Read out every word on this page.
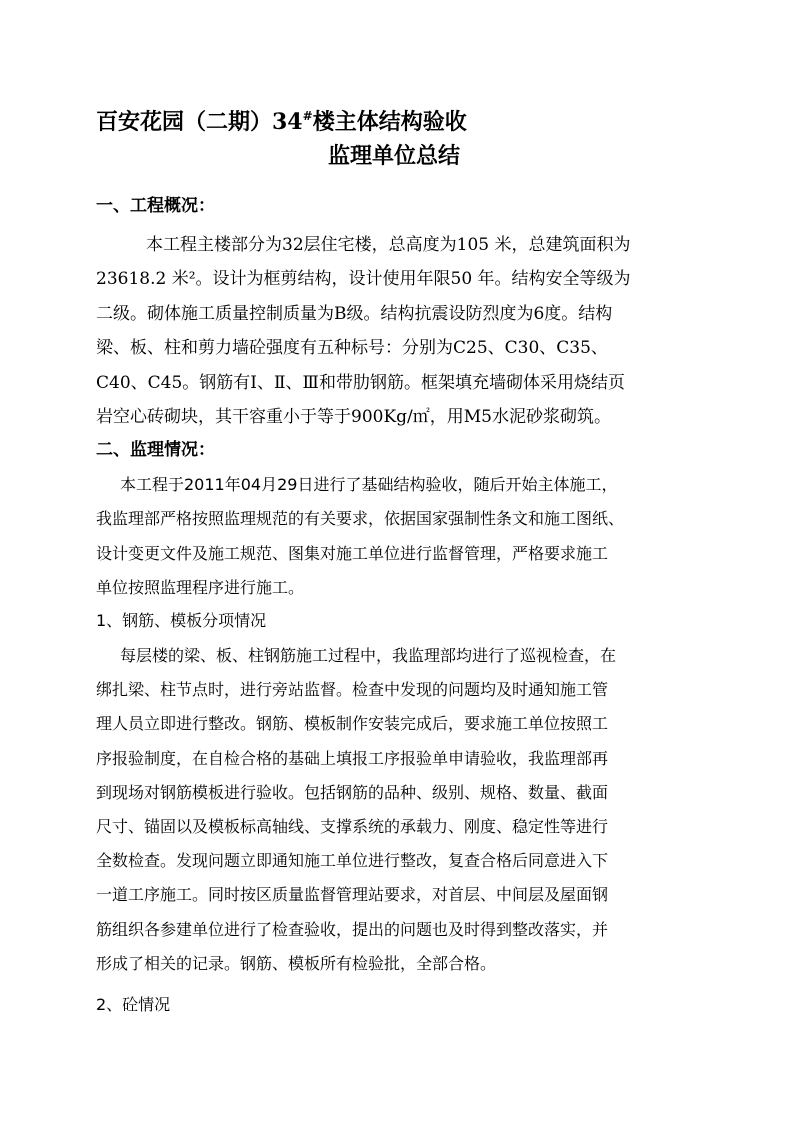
百安花园（二期）34#楼主体结构验收
监理单位总结
一、工程概况：
本工程主楼部分为32层住宅楼，总高度为105 米，总建筑面积为
23618.2 米²。设计为框剪结构，设计使用年限50 年。结构安全等级为
二级。砌体施工质量控制质量为B级。结构抗震设防烈度为6度。结构
梁、板、柱和剪力墙砼强度有五种标号：分别为C25、C30、C35、
C40、C45。钢筋有Ⅰ、Ⅱ、Ⅲ和带肋钢筋。框架填充墙砌体采用烧结页
岩空心砖砌块，其干容重小于等于900Kg/㎡，用M5水泥砂浆砌筑。
二、监理情况：
本工程于2011年04月29日进行了基础结构验收，随后开始主体施工，
我监理部严格按照监理规范的有关要求，依据国家强制性条文和施工图纸、
设计变更文件及施工规范、图集对施工单位进行监督管理，严格要求施工
单位按照监理程序进行施工。
1、钢筋、模板分项情况
每层楼的梁、板、柱钢筋施工过程中，我监理部均进行了巡视检查，在
绑扎梁、柱节点时，进行旁站监督。检查中发现的问题均及时通知施工管
理人员立即进行整改。钢筋、模板制作安装完成后，要求施工单位按照工
序报验制度，在自检合格的基础上填报工序报验单申请验收，我监理部再
到现场对钢筋模板进行验收。包括钢筋的品种、级别、规格、数量、截面
尺寸、锚固以及模板标高轴线、支撑系统的承载力、刚度、稳定性等进行
全数检查。发现问题立即通知施工单位进行整改，复查合格后同意进入下
一道工序施工。同时按区质量监督管理站要求，对首层、中间层及屋面钢
筋组织各参建单位进行了检查验收，提出的问题也及时得到整改落实，并
形成了相关的记录。钢筋、模板所有检验批，全部合格。
2、砼情况
